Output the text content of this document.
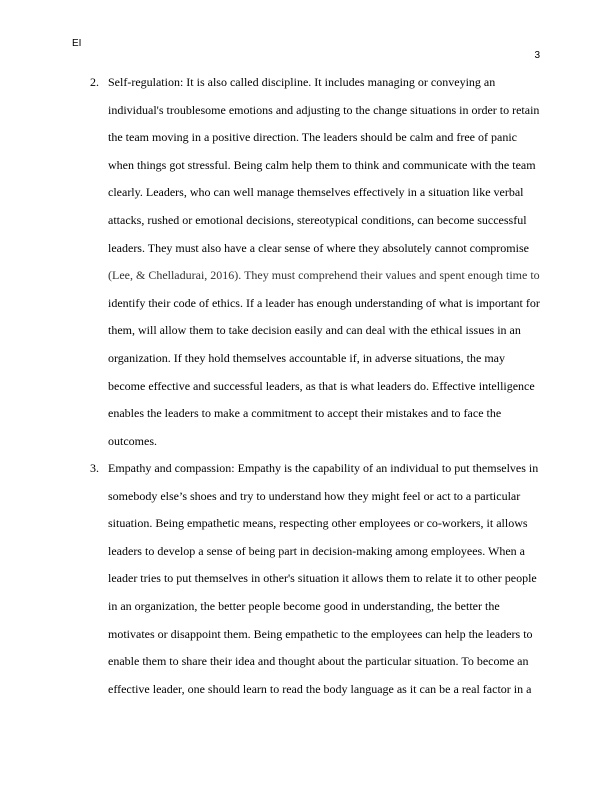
EI
3
2. Self-regulation: It is also called discipline. It includes managing or conveying an
individual's troublesome emotions and adjusting to the change situations in order to retain
the team moving in a positive direction. The leaders should be calm and free of panic
when things got stressful. Being calm help them to think and communicate with the team
clearly. Leaders, who can well manage themselves effectively in a situation like verbal
attacks, rushed or emotional decisions, stereotypical conditions, can become successful
leaders. They must also have a clear sense of where they absolutely cannot compromise
(Lee, & Chelladurai, 2016). They must comprehend their values and spent enough time to
identify their code of ethics. If a leader has enough understanding of what is important for
them, will allow them to take decision easily and can deal with the ethical issues in an
organization. If they hold themselves accountable if, in adverse situations, the may
become effective and successful leaders, as that is what leaders do. Effective intelligence
enables the leaders to make a commitment to accept their mistakes and to face the
outcomes.
3. Empathy and compassion: Empathy is the capability of an individual to put themselves in
somebody else’s shoes and try to understand how they might feel or act to a particular
situation. Being empathetic means, respecting other employees or co-workers, it allows
leaders to develop a sense of being part in decision-making among employees. When a
leader tries to put themselves in other's situation it allows them to relate it to other people
in an organization, the better people become good in understanding, the better the
motivates or disappoint them. Being empathetic to the employees can help the leaders to
enable them to share their idea and thought about the particular situation. To become an
effective leader, one should learn to read the body language as it can be a real factor in a
